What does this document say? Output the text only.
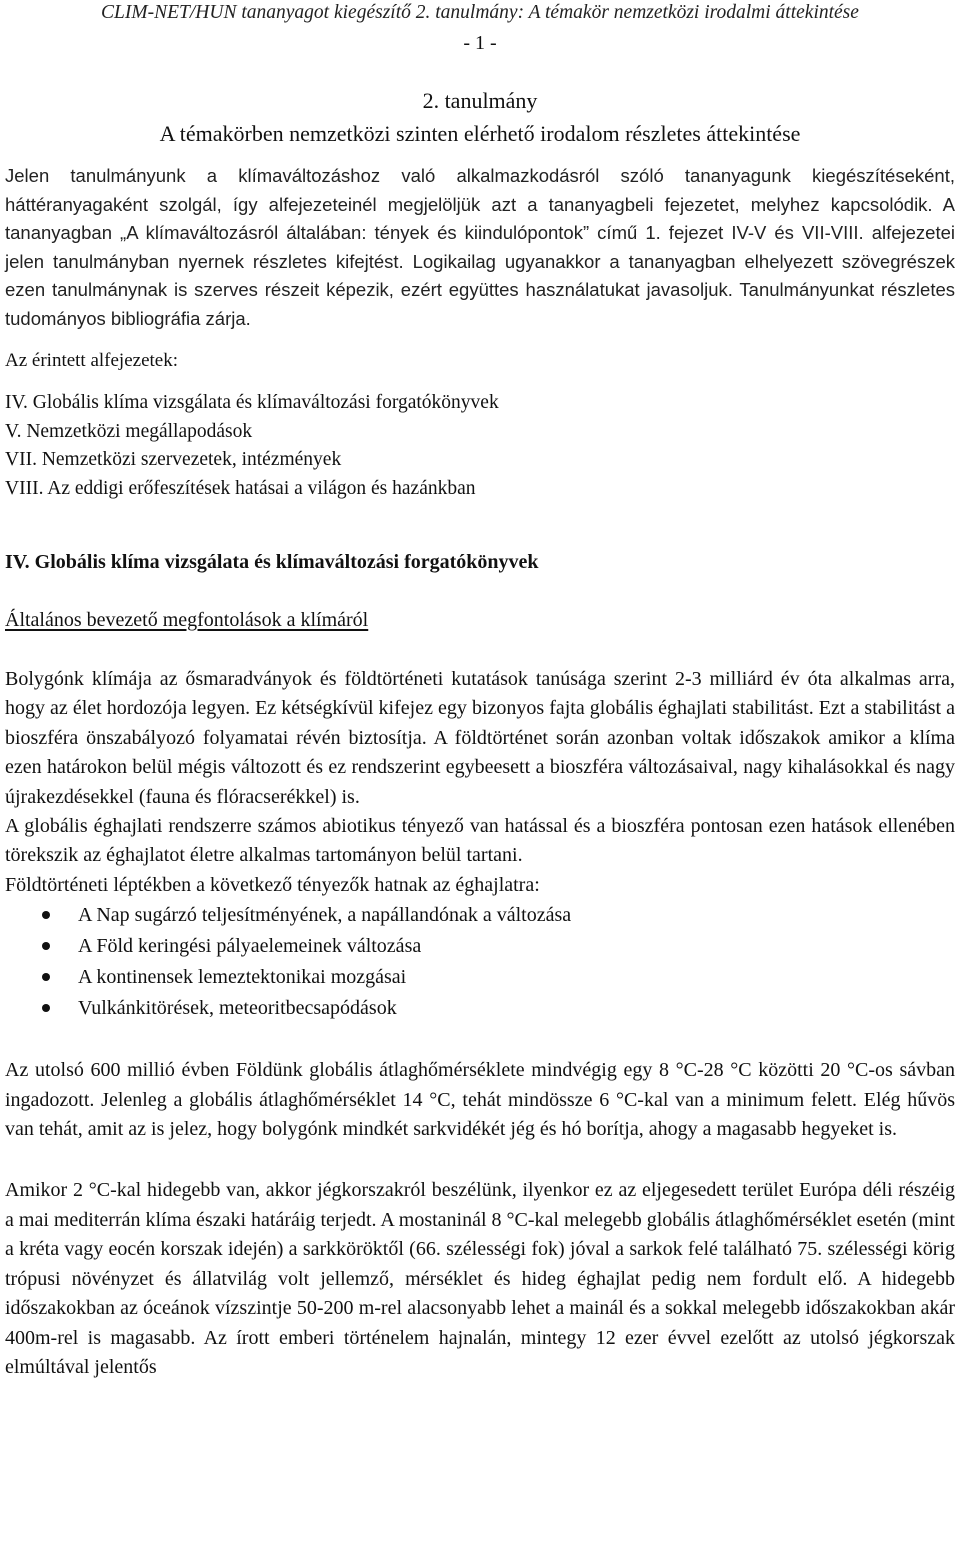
CLIM-NET/HUN tananyagot kiegészítő 2. tanulmány: A témakör nemzetközi irodalmi áttekintése
- 1 -
2. tanulmány
A témakörben nemzetközi szinten elérhető irodalom részletes áttekintése

Jelen tanulmányunk a klímaváltozáshoz való alkalmazkodásról szóló tananyagunk kiegészítéseként, háttéranyagaként szolgál, így alfejezeteinél megjelöljük azt a tananyagbeli fejezetet, melyhez kapcsolódik. A tananyagban „A klímaváltozásról általában: tények és kiindulópontok” című 1. fejezet IV-V és VII-VIII. alfejezetei jelen tanulmányban nyernek részletes kifejtést. Logikailag ugyanakkor a tananyagban elhelyezett szövegrészek ezen tanulmánynak is szerves részeit képezik, ezért együttes használatukat javasoljuk. Tanulmányunkat részletes tudományos bibliográfia zárja.

Az érintett alfejezetek:
IV. Globális klíma vizsgálata és klímaváltozási forgatókönyvek
V. Nemzetközi megállapodások
VII. Nemzetközi szervezetek, intézmények
VIII. Az eddigi erőfeszítések hatásai a világon és hazánkban
IV. Globális klíma vizsgálata és klímaváltozási forgatókönyvek
Általános bevezető megfontolások a klímáról

Bolygónk klímája az ősmaradványok és földtörténeti kutatások tanúsága szerint 2-3 milliárd év óta alkalmas arra, hogy az élet hordozója legyen. Ez kétségkívül kifejez egy bizonyos fajta globális éghajlati stabilitást. Ezt a stabilitást a bioszféra önszabályozó folyamatai révén biztosítja. A földtörténet során azonban voltak időszakok amikor a klíma ezen határokon belül mégis változott és ez rendszerint egybeesett a bioszféra változásaival, nagy kihalásokkal és nagy újrakezdésekkel (fauna és flóracserékkel) is.

A globális éghajlati rendszerre számos abiotikus tényező van hatással és a bioszféra pontosan ezen hatások ellenében törekszik az éghajlatot életre alkalmas tartományon belül tartani.

Földtörténeti léptékben a következő tényezők hatnak az éghajlatra:

A Nap sugárzó teljesítményének, a napállandónak a változása
A Föld keringési pályaelemeinek változása
A kontinensek lemeztektonikai mozgásai
Vulkánkitörések, meteoritbecsapódások

Az utolsó 600 millió évben Földünk globális átlaghőmérséklete mindvégig egy 8 °C-28 °C közötti 20 °C-os sávban ingadozott. Jelenleg a globális átlaghőmérséklet 14 °C, tehát mindössze 6 °C-kal van a minimum felett. Elég hűvös van tehát, amit az is jelez, hogy bolygónk mindkét sarkvidékét jég és hó borítja, ahogy a magasabb hegyeket is.

Amikor 2 °C-kal hidegebb van, akkor jégkorszakról beszélünk, ilyenkor ez az eljegesedett terület Európa déli részéig a mai mediterrán klíma északi határáig terjedt. A mostaninál 8 °C-kal melegebb globális átlaghőmérséklet esetén (mint a kréta vagy eocén korszak idején) a sarkköröktől (66. szélességi fok) jóval a sarkok felé található 75. szélességi körig trópusi növényzet és állatvilág volt jellemző, mérséklet és hideg éghajlat pedig nem fordult elő. A hidegebb időszakokban az óceánok vízszintje 50-200 m-rel alacsonyabb lehet a mainál és a sokkal melegebb időszakokban akár 400m-rel is magasabb. Az írott emberi történelem hajnalán, mintegy 12 ezer évvel ezelőtt az utolsó jégkorszak elmúltával jelentős
